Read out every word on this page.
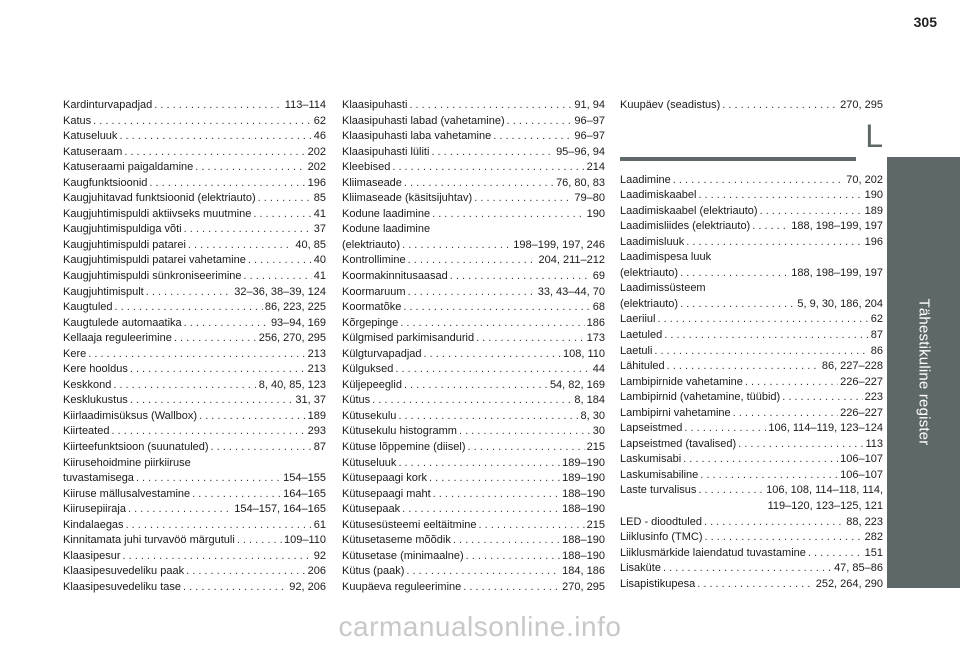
305
Tähestikuline register
Kardinturvapadjad . . .	113–114
Katus . . .	62
Katuseluuk . . .	46
Katuseraam . . .	202
Katuseraami paigaldamine . . .	202
Kaugfunktsioonid . . .	196
Kaugjuhitavad funktsioonid (elektriauto) . . .	85
Kaugjuhtimispuldi aktiivseks muutmine . . .	41
Kaugjuhtimispuldiga võti . . .	37
Kaugjuhtimispuldi patarei . . .	40, 85
Kaugjuhtimispuldi patarei vahetamine . . .	40
Kaugjuhtimispuldi sünkroniseerimine . . .	41
Kaugjuhtimispult . . .	32–36, 38–39, 124
Kaugtuled . . .	86, 223, 225
Kaugtulede automaatika . . .	93–94, 169
Kellaaja reguleerimine . . .	256, 270, 295
Kere . . .	213
Kere hooldus . . .	213
Keskkond . . .	8, 40, 85, 123
Kesklukustus . . .	31, 37
Kiirlaadimisüksus (Wallbox) . . .	189
Kiirteated . . .	293
Kiirteefunktsioon (suunatuled) . . .	87
Kiirusehoidmine piirkiiruse
tuvastamisega . . .	154–155
Kiiruse mällusalvestamine . . .	164–165
Kiirusepiiraja . . .	154–157, 164–165
Kindalaegas . . .	61
Kinnitamata juhi turvavöö märgutuli . . .	109–110
Klaasipesur . . .	92
Klaasipesuvedeliku paak . . .	206
Klaasipesuvedeliku tase . . .	92, 206
Klaasipuhasti . . .	91, 94
Klaasipuhasti labad (vahetamine) . . .	96–97
Klaasipuhasti laba vahetamine . . .	96–97
Klaasipuhasti lüliti . . .	95–96, 94
Kleebised . . .	214
Kliimaseade . . .	76, 80, 83
Kliimaseade (käsitsijuhtav) . . .	79–80
Kodune laadimine . . .	190
Kodune laadimine
(elektriauto) . . .	198–199, 197, 246
Kontrollimine . . .	204, 211–212
Koormakinnitusaasad . . .	69
Koormaruum . . .	33, 43–44, 70
Koormatõke . . .	68
Kõrgepinge . . .	186
Külgmised parkimisandurid . . .	173
Külgturvapadjad . . .	108, 110
Külguksed . . .	44
Küljepeeglid . . .	54, 82, 169
Kütus . . .	8, 184
Kütusekulu . . .	8, 30
Kütusekulu histogramm . . .	30
Kütuse lõppemine (diisel) . . .	215
Kütuseluuk . . .	189–190
Kütusepaagi kork . . .	189–190
Kütusepaagi maht . . .	188–190
Kütusepaak . . .	188–190
Kütusesüsteemi eeltäitmine . . .	215
Kütusetaseme mõõdik . . .	188–190
Kütusetase (minimaalne) . . .	188–190
Kütus (paak) . . .	184, 186
Kuupäeva reguleerimine . . .	270, 295
Kuupäev (seadistus) . . .	270, 295
L
Laadimine . . .	70, 202
Laadimiskaabel . . .	190
Laadimiskaabel (elektriauto) . . .	189
Laadimisliides (elektriauto) . . .	188, 198–199, 197
Laadimisluuk . . .	196
Laadimispesa luuk
(elektriauto) . . .	188, 198–199, 197
Laadimissüsteem
(elektriauto) . . .	5, 9, 30, 186, 204
Laeriiul . . .	62
Laetuled . . .	87
Laetuli . . .	86
Lähituled . . .	86, 227–228
Lambipirnide vahetamine . . .	226–227
Lambipirnid (vahetamine, tüübid) . . .	223
Lambipirni vahetamine . . .	226–227
Lapseistmed . . .	106, 114–119, 123–124
Lapseistmed (tavalised) . . .	113
Laskumisabi . . .	106–107
Laskumisabiline . . .	106–107
Laste turvalisus . . .	106, 108, 114–118, 114,
119–120, 123–125, 121
LED - dioodtuled . . .	88, 223
Liiklusinfo (TMC) . . .	282
Liiklusmärkide laiendatud tuvastamine . . .	151
Lisaküte . . .	47, 85–86
Lisapistikupesa . . .	252, 264, 290
carmanualsonline.info
